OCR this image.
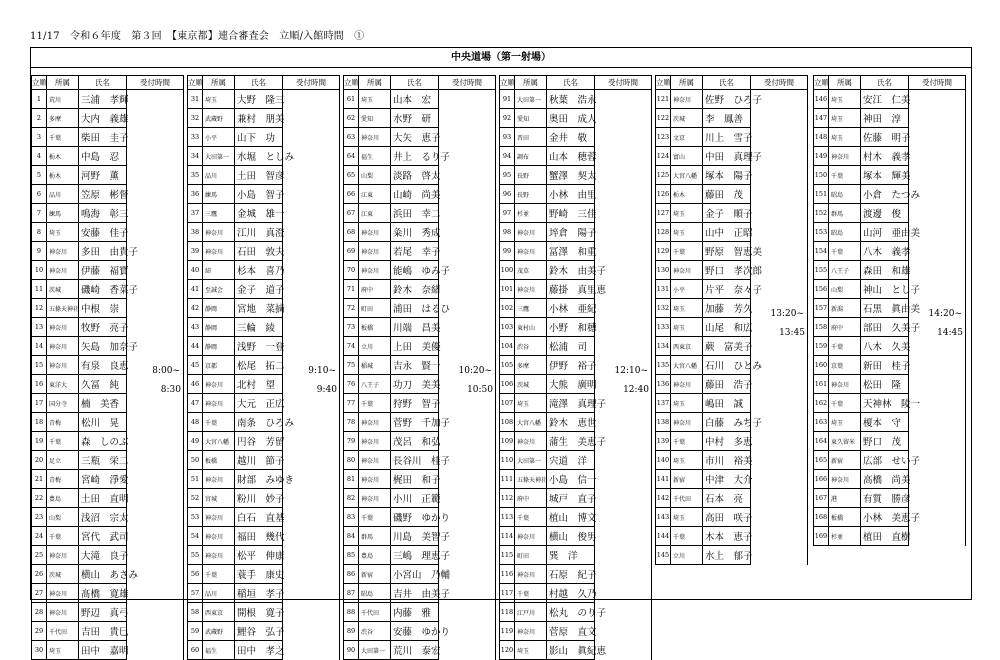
11/17　令和６年度　第３回　【東京都】連合審査会　立順/入館時間　①
中央道場（第一射場）
立順	所属	氏名	受付時間
1	荒川	三浦　孝輝	8:00~
8:30

2	多摩	大内　義雄	
3	千葉	柴田　圭子	
4	栃木	中島　忍	
5	栃木	河野　薫	
6	品川	笠原　彬督	
7	練馬	鳴海　彰三	
8	埼玉	安藤　佳子	
9	神奈川	多田　由貴子	
10	神奈川	伊藤　福寶	
11	茨城	磯崎　香菜子	
12	五條天神社	中根　崇	
13	神奈川	牧野　亮子	
14	神奈川	矢島　加奈子	
15	神奈川	有泉　良恵	
16	東洋大	久冨　純	
17	国分寺	楠　美香	
18	青梅	松川　晃	
19	千葉	森　しのぶ	
20	足立	三瓶　栄二	
21	青梅	宮崎　淨愛	
22	豊島	土田　直明	
23	山梨	浅沼　宗太	
24	千葉	宮代　武司	
25	神奈川	大滝　良子	
26	茨城	横山　あさみ	
27	神奈川	髙橋　寛雄	
28	神奈川	野辺　真弓	
29	千代田	吉田　貴巳	
30	埼玉	田中　嘉明	
立順	所属	氏名	受付時間
31	埼玉	大野　隆三	9:10~
9:40

32	武蔵野	兼村　朋美	
33	小平	山下　功	
34	大田第一	水堀　としみ	
35	品川	土田　智彦	
36	練馬	小島　智子	
37	三鷹	金城　雄一	
38	神奈川	江川　真澄	
39	神奈川	石田　敦夫	
40	結	杉本　喜乃	
41	至誠会	金子　道子	
42	静岡	宮地　菜摘	
43	静岡	三輪　綾	
44	静岡	浅野　一登	
45	京都	松尾　拓二	
46	神奈川	北村　望	
47	神奈川	大元　正広	
48	千葉	南条　ひろみ	
49	大宮八幡	円谷　芳留	
50	板橋	越川　節子	
51	神奈川	財部　みゆき	
52	宮城	粉川　妙子	
53	神奈川	白石　直基	
54	神奈川	福田　幾代	
55	神奈川	松平　伸康	
56	千葉	蓑手　康史	
57	品川	稲垣　孝子	
58	西東京	開根　寛子	
59	武蔵野	鯉谷　弘子	
60	福生	田中　孝之	
立順	所属	氏名	受付時間
61	埼玉	山本　宏	10:20~
10:50

62	愛知	水野　研	
63	神奈川	大矢　恵子	
64	福生	井上　るり子	
65	山梨	淡路　啓太	
66	江東	山崎　尚美	
67	江東	浜田　幸二	
68	神奈川	粂川　秀成	
69	神奈川	若尾　幸子	
70	神奈川	能嶋　ゆみ子	
71	府中	鈴木　奈緒	
72	町田	浦田　はるひ	
73	板橋	川端　昌美	
74	立川	上田　美優	
75	稲城	吉永　賢一	
76	八王子	功刀　美美	
77	千葉	狩野　智子	
78	神奈川	菅野　千加子	
79	神奈川	茂呂　和弘	
80	神奈川	長谷川　桂子	
81	神奈川	梶田　和子	
82	神奈川	小川　正範	
83	千葉	磯野　ゆかり	
84	群馬	川島　美智子	
85	豊島	三嶋　理恵子	
86	新宿	小宮山　乃輔	
87	昭島	吉井　由美子	
88	千代田	内藤　雅	
89	渋谷	安藤　ゆかり	
90	大田第一	荒川　泰宏	
立順	所属	氏名	受付時間
91	大田第一	秋葉　浩永	12:10~
12:40

92	愛知	奥田　成人	
93	晋田	金井　敬	
94	調布	山本　穂蓉	
95	長野	蟹澤　契太	
96	長野	小林　由里	
97	杉並	野崎　三佳	
98	神奈川	埣倉　陽子	
99	神奈川	冨澤　和重	
100	茂草	鈴木　由美子	
101	神奈川	藤掛　真里恵	
102	三鷹	小林　亜紀	
103	東村山	小野　和穂	
104	渋谷	松浦　司	
105	多摩	伊野　裕子	
106	茨城	大熊　廣明	
107	埼玉	滝澤　真理子	
108	大宮八幡	鈴木　恵世	
109	神奈川	蒲生　美恵子	
110	大田第一	宍道　洋	
111	五條天神社	小島　信一	
112	府中	城戸　直子	
113	千葉	植山　博文	
114	神奈川	横山　俊男	
115	町田	巽　洋	
116	神奈川	石原　紀子	
117	千葉	村越　久乃	
118	江戸川	松丸　のり子	
119	神奈川	菅原　直文	
120	埼玉	影山　眞紀恵	
立順	所属	氏名	受付時間
121	神奈川	佐野　ひろ子	13:20~
13:45

122	茨城	李　鳳善	
123	文京	川上　雪子	
124	富山	中田　真理子	
125	大宮八幡	塚本　陽子	
126	栃木	藤田　茂	
127	埼玉	金子　順子	
128	埼玉	山中　正昭	
129	千葉	野原　智恵美	
130	神奈川	野口　孝次郎	
131	小平	片平　奈々子	
132	埼玉	加藤　芳久	
133	埼玉	山尾　和広	
134	西東京	蕨　富美子	
135	大宮八幡	石川　ひとみ	
136	神奈川	藤田　浩子	
137	埼玉	嶋田　誠	
138	神奈川	白藤　みち子	
139	千葉	中村　多恵	
140	埼玉	市川　裕美	
141	新宿	中津　大介	
142	千代田	石本　亮	
143	埼玉	高田　咲子	
144	千葉	木本　恵子	
145	立川	水上　郁子	
立順	所属	氏名	受付時間
146	埼玉	安江　仁美	14:20~
14:45

147	埼玉	神田　淳	
148	埼玉	佐藤　明子	
149	神奈川	村木　義孝	
150	千葉	塚本　輝美	
151	昭島	小倉　たつみ	
152	群馬	渡邊　俊	
153	昭島	山河　亜由美	
154	千葉	八木　義孝	
155	八王子	森田　和雄	
156	山梨	神山　とし子	
157	新潟	石黒　眞由美	
158	府中	部田　久美子	
159	千葉	八木　久美	
160	京葉	新田　桂子	
161	神奈川	松田　隆	
162	千葉	天神林　陵一	
163	埼玉	榎本　守	
164	東久留米	野口　茂	
165	新宿	広部　せい子	
166	神奈川	高橋　尚美	
167	港	有質　勝彦	
168	板橋	小林　美恵子	
169	杉並	植田　直樹	
